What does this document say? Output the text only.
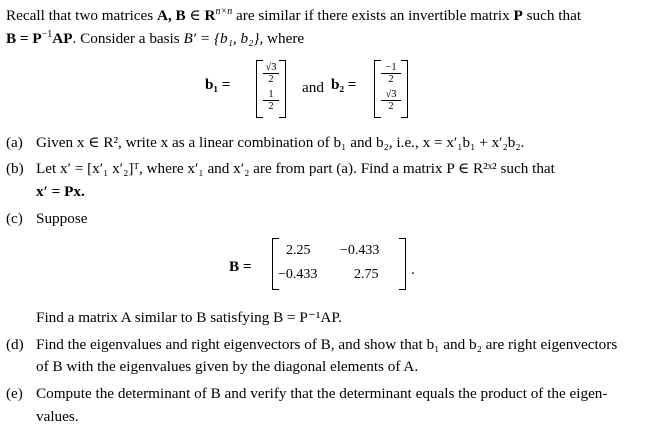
Recall that two matrices A, B ∈ $R^{n\times n}$ are similar if there exists an invertible matrix P such that
$B = P^{-1}AP$. Consider a basis B′ = {b₁, b₂}, where
b₁ =	$\frac{√3}{2}$
$\frac{1}{2}$
and $b_2 = \frac{-1}{2}$
$\frac{√3}{2}$
(a) Given x ∈ R², write x as a linear combination of b₁ and b₂, i.e., x = x′₁b₁ + x′₂b₂.
(b) Let x′ = [x′₁ x′₂]ᵀ, where x′₁ and x′₂ are from part (a). Find a matrix P ∈ R²ˣ² such that
x′ = Px.
(c) Suppose
B =
2.25 −0.433
−0.433	2.75 .
Find a matrix A similar to B satisfying B = P⁻¹AP.
(d) Find the eigenvalues and right eigenvectors of B, and show that b₁ and b₂ are right eigenvectors
of B with the eigenvalues given by the diagonal elements of A.
(e) Compute the determinant of B and verify that the determinant equals the product of the eigen-
values.
